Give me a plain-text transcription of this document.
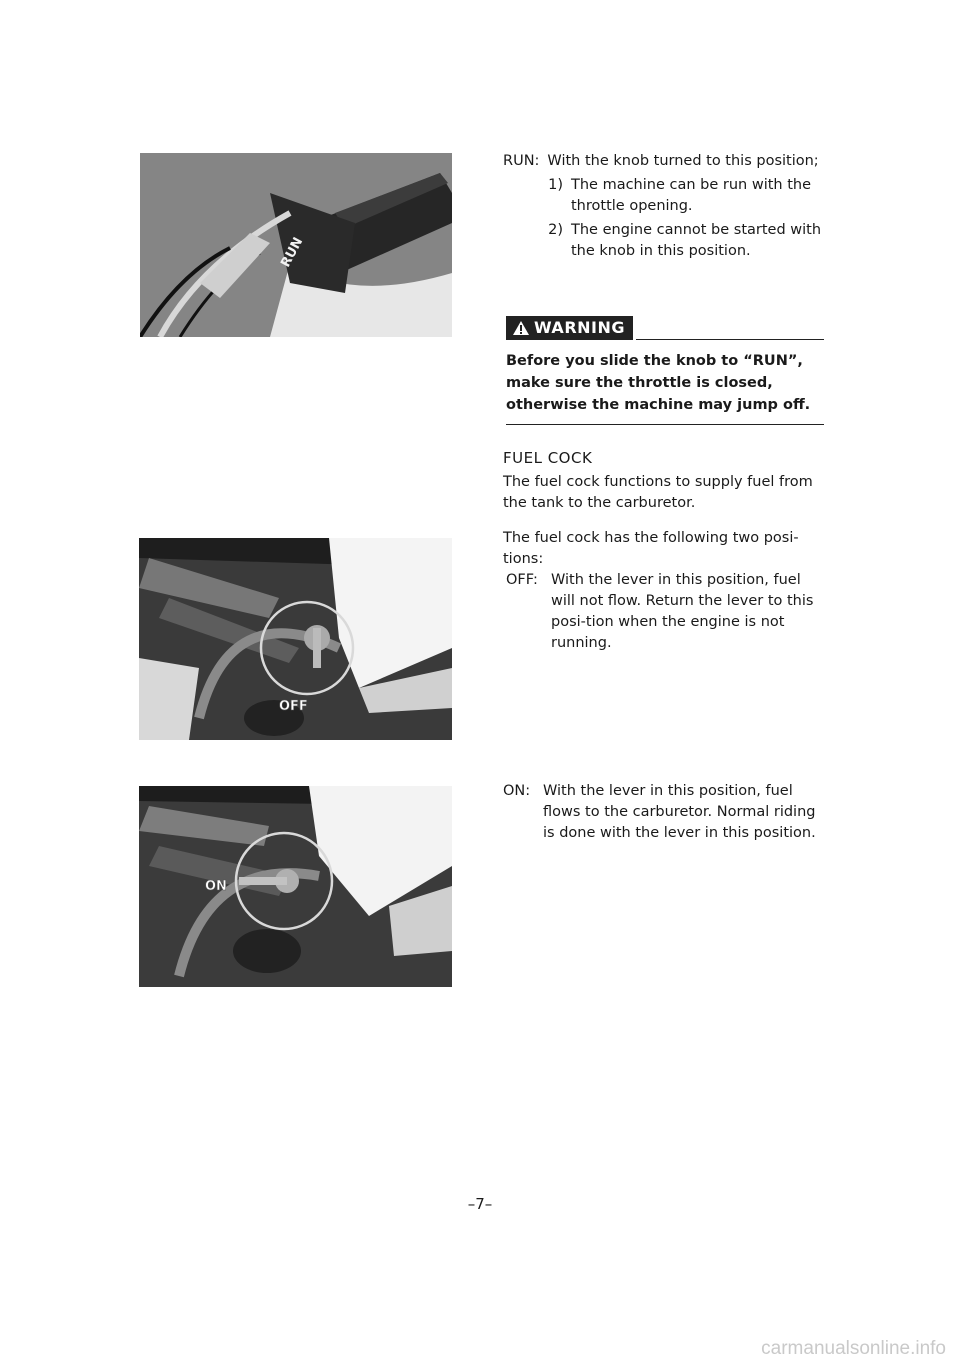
RUN
RUN: With the knob turned to this position;
1) The machine can be run with the throttle opening.
2) The engine cannot be started with the knob in this position.
WARNING
Before you slide the knob to “RUN”, make sure the throttle is closed, otherwise the machine may jump off.
FUEL COCK

The fuel cock functions to supply fuel from the tank to the carburetor.

The fuel cock has the following two posi-tions:

OFF: With the lever in this position, fuel will not flow. Return the lever to this posi-tion when the engine is not running.
OFF
ON: With the lever in this position, fuel flows to the carburetor. Normal riding is done with the lever in this position.
ON
–7–
carmanualsonline.info
